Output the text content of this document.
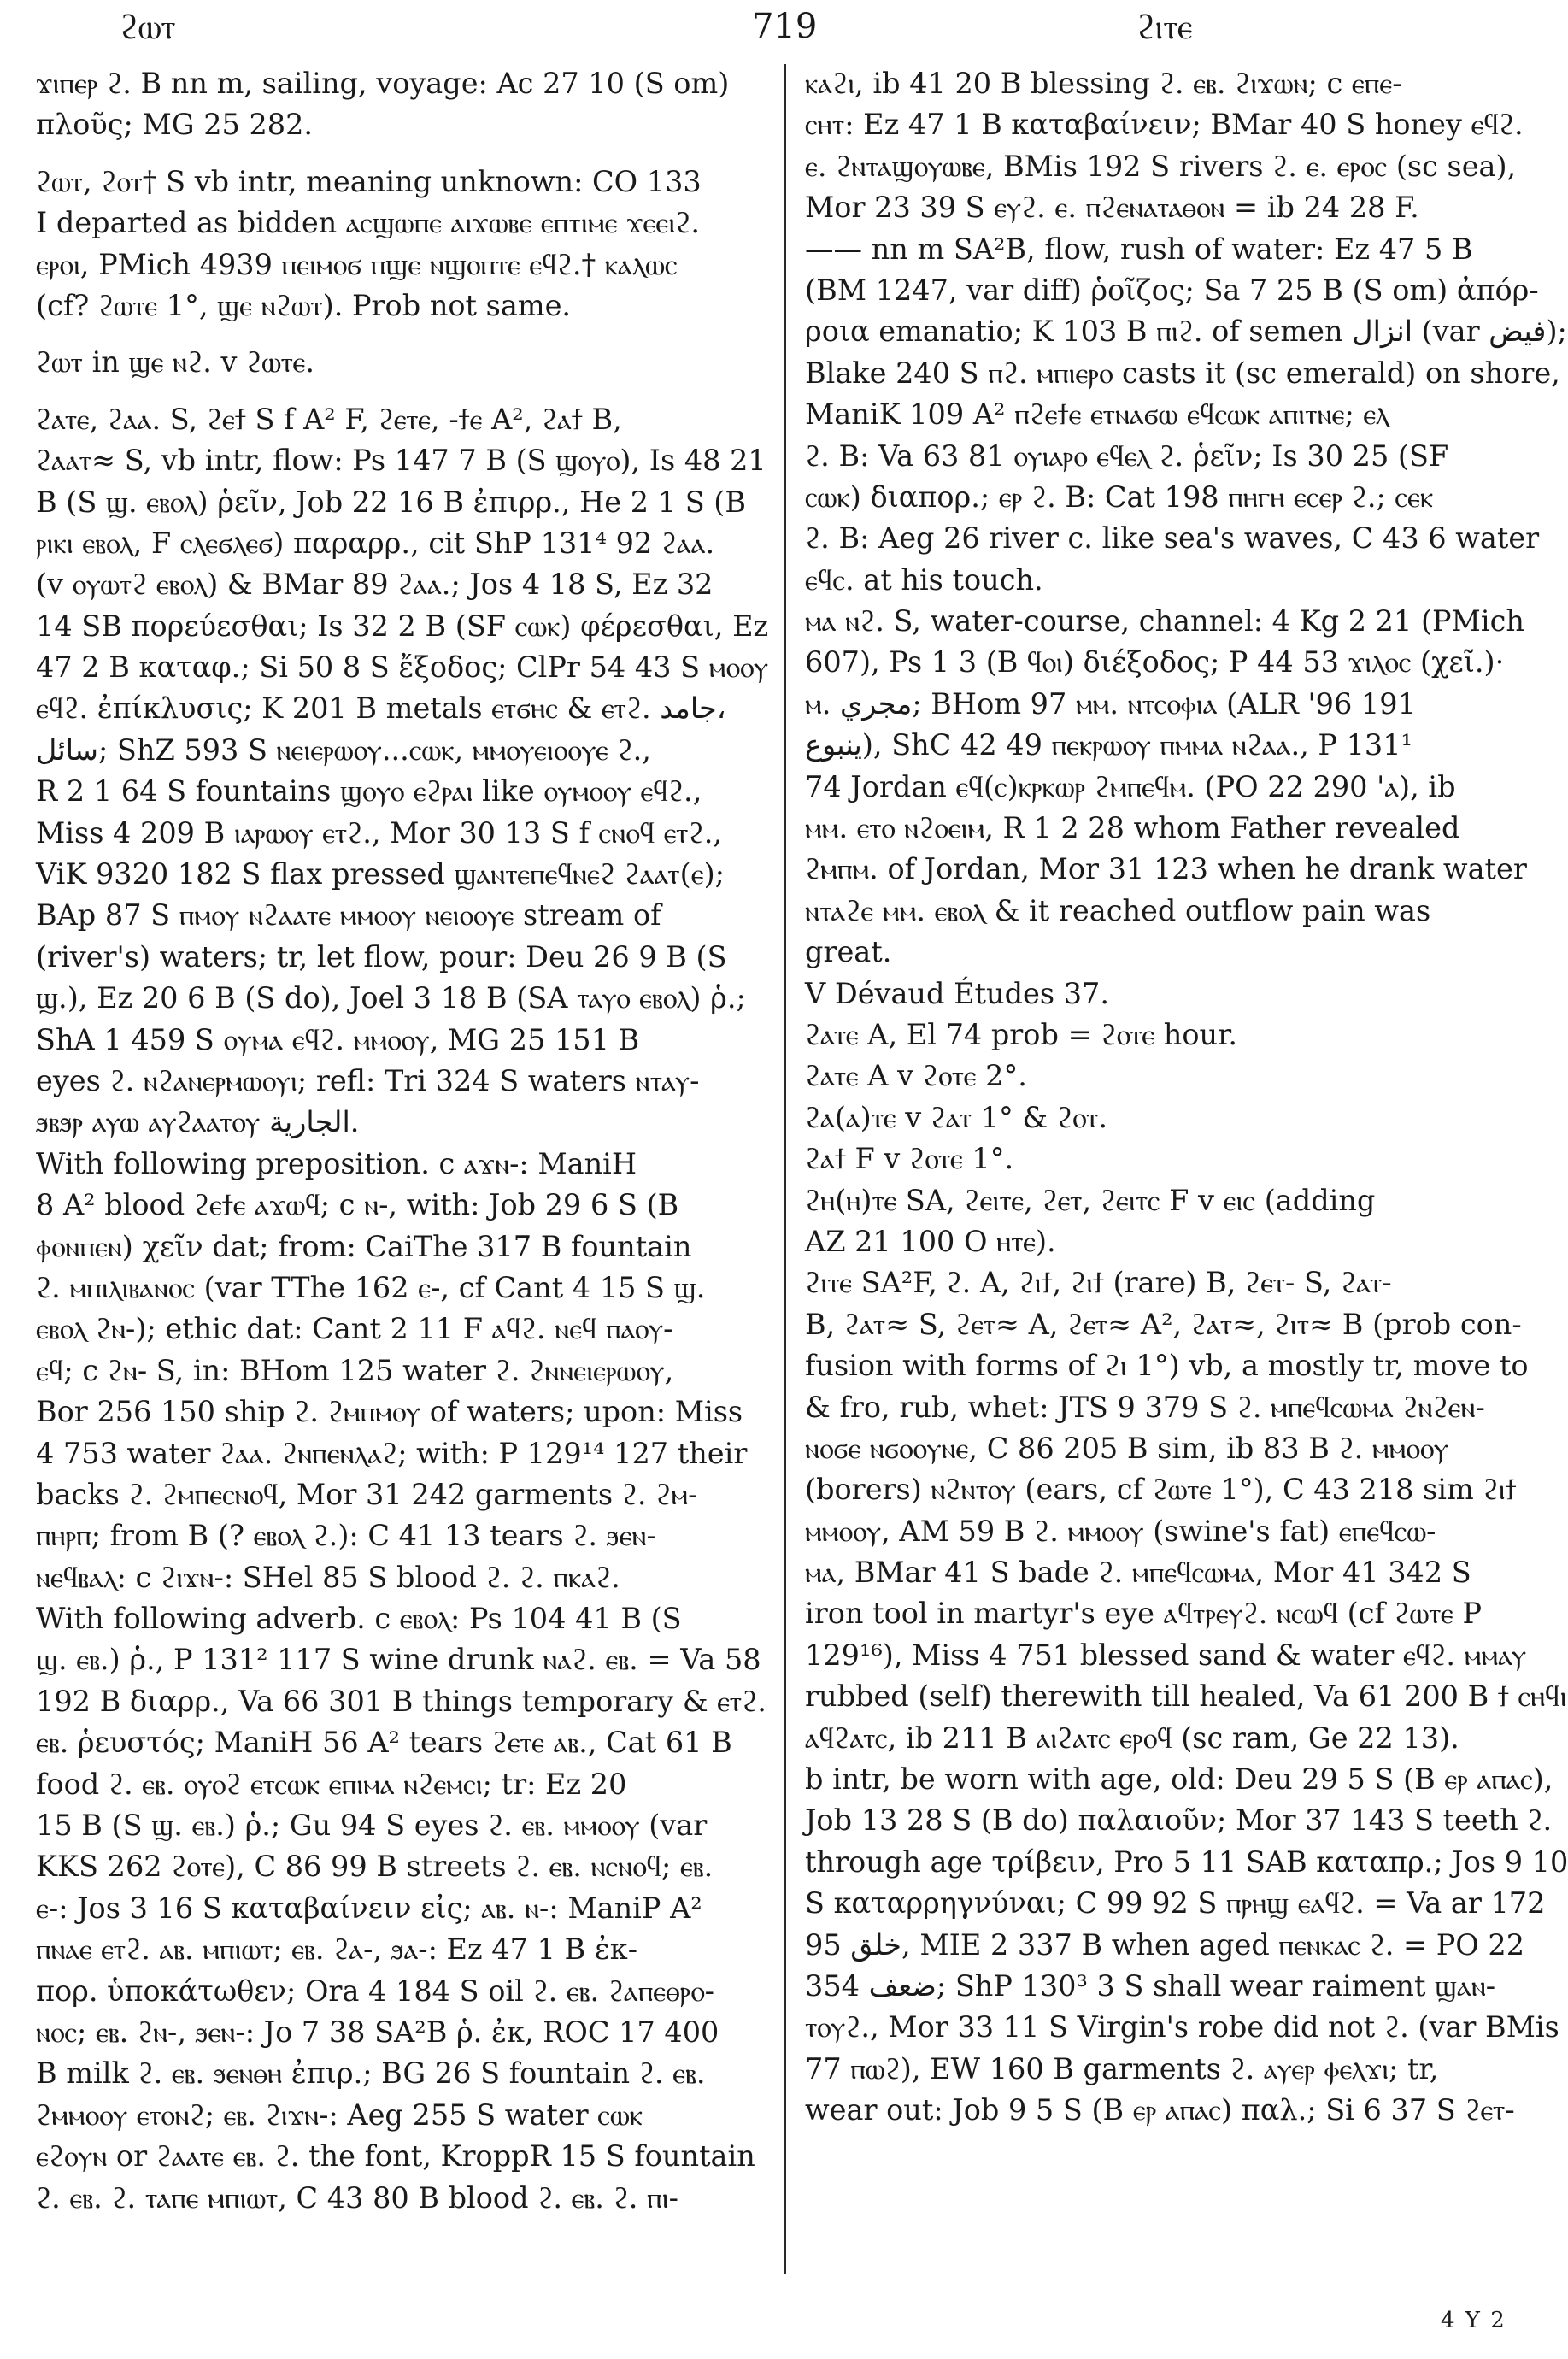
ϩⲱⲧ	719	ϩⲓⲧⲉ
ϫⲓⲡⲉⲣ ϩ. B nn m, sailing, voyage: Ac 27 10 (S om)
πλοῦς; MG 25 282.
ϩⲱⲧ, ϩⲟⲧ† S vb intr, meaning unknown: CO 133
I departed as bidden ⲁⲥϣⲱⲡⲉ ⲁⲓϫⲱⲃⲉ ⲉⲡⲧⲓⲙⲉ ϫⲉⲉⲓϩ.
ⲉⲣⲟⲓ, PMich 4939 ⲡⲉⲓⲙⲟϭ ⲡϣⲉ ⲛϣⲟⲡⲧⲉ ⲉϥϩ.† ⲕⲁⲗⲱⲥ
(cf? ϩⲱⲧⲉ 1°, ϣⲉ ⲛϩⲱⲧ). Prob not same.
ϩⲱⲧ in ϣⲉ ⲛϩ. v ϩⲱⲧⲉ.
ϩⲁⲧⲉ, ϩⲁⲁ. S, ϩⲉϯ S f A² F, ϩⲉⲧⲉ, -ϯⲉ A², ϩⲁϯ B,
ϩⲁⲁⲧ≈ S, vb intr, flow: Ps 147 7 B (S ϣⲟⲩⲟ), Is 48 21
B (S ϣ. ⲉⲃⲟⲗ) ῥεῖν, Job 22 16 B ἐπιρρ., He 2 1 S (B
ⲣⲓⲕⲓ ⲉⲃⲟⲗ, F ⲥⲗⲉϭⲗⲉϭ) παραρρ., cit ShP 131⁴ 92 ϩⲁⲁ.
(v ⲟⲩⲱⲧϩ ⲉⲃⲟⲗ) & BMar 89 ϩⲁⲁ.; Jos 4 18 S, Ez 32
14 SB πορεύεσθαι; Is 32 2 B (SF ⲥⲱⲕ) φέρεσθαι, Ez
47 2 B καταφ.; Si 50 8 S ἔξοδος; ClPr 54 43 S ⲙⲟⲟⲩ
ⲉϥϩ. ἐπίκλυσις; K 201 B metals ⲉⲧϭⲏⲥ & ⲉⲧϩ. جامد،
سائل; ShZ 593 S ⲛⲉⲓⲉⲣⲱⲟⲩ...ⲥⲱⲕ, ⲙⲙⲟⲩⲉⲓⲟⲟⲩⲉ ϩ.,
R 2 1 64 S fountains ϣⲟⲩⲟ ⲉϩⲣⲁⲓ like ⲟⲩⲙⲟⲟⲩ ⲉϥϩ.,
Miss 4 209 B ⲓⲁⲣⲱⲟⲩ ⲉⲧϩ., Mor 30 13 S f ⲥⲛⲟϥ ⲉⲧϩ.,
ViK 9320 182 S flax pressed ϣⲁⲛⲧⲉⲡⲉϥⲛⲉϩ ϩⲁⲁⲧ(ⲉ);
BAp 87 S ⲡⲙⲟⲩ ⲛϩⲁⲁⲧⲉ ⲙⲙⲟⲟⲩ ⲛⲉⲓⲟⲟⲩⲉ stream of
(river's) waters; tr, let flow, pour: Deu 26 9 B (S
ϣ.), Ez 20 6 B (S do), Joel 3 18 B (SA ⲧⲁⲩⲟ ⲉⲃⲟⲗ) ῥ.;
ShA 1 459 S ⲟⲩⲙⲁ ⲉϥϩ. ⲙⲙⲟⲟⲩ, MG 25 151 B
eyes ϩ. ⲛϩⲁⲛⲉⲣⲙⲱⲟⲩⲓ; refl: Tri 324 S waters ⲛⲧⲁⲩ-
ϧⲃϧⲣ ⲁⲩⲱ ⲁⲩϩⲁⲁⲧⲟⲩ الجارية.
With following preposition. c ⲁϫⲛ-: ManiH
8 A² blood ϩⲉϯⲉ ⲁϫⲱϥ; c ⲛ-, with: Job 29 6 S (B
ⲫⲟⲛⲡⲉⲛ) χεῖν dat; from: CaiThe 317 B fountain
ϩ. ⲙⲡⲓⲗⲓⲃⲁⲛⲟⲥ (var TThe 162 ⲉ-, cf Cant 4 15 S ϣ.
ⲉⲃⲟⲗ ϩⲛ-); ethic dat: Cant 2 11 F ⲁϥϩ. ⲛⲉϥ ⲡⲁⲟⲩ-
ⲉϥ; c ϩⲛ- S, in: BHom 125 water ϩ. ϩⲛⲛⲉⲓⲉⲣⲱⲟⲩ,
Bor 256 150 ship ϩ. ϩⲙⲡⲙⲟⲩ of waters; upon: Miss
4 753 water ϩⲁⲁ. ϩⲛⲡⲉⲛⲗⲁϩ; with: P 129¹⁴ 127 their
backs ϩ. ϩⲙⲡⲉⲥⲛⲟϥ, Mor 31 242 garments ϩ. ϩⲙ-
ⲡⲏⲣⲡ; from B (? ⲉⲃⲟⲗ ϩ.): C 41 13 tears ϩ. ϧⲉⲛ-
ⲛⲉϥⲃⲁⲗ: c ϩⲓϫⲛ-: SHel 85 S blood ϩ. ϩ. ⲡⲕⲁϩ.
With following adverb. c ⲉⲃⲟⲗ: Ps 104 41 B (S
ϣ. ⲉⲃ.) ῥ., P 131² 117 S wine drunk ⲛⲁϩ. ⲉⲃ. = Va 58
192 B διαρρ., Va 66 301 B things temporary & ⲉⲧϩ.
ⲉⲃ. ῥευστός; ManiH 56 A² tears ϩⲉⲧⲉ ⲁⲃ., Cat 61 B
food ϩ. ⲉⲃ. ⲟⲩⲟϩ ⲉⲧⲥⲱⲕ ⲉⲡⲓⲙⲁ ⲛϩⲉⲙⲥⲓ; tr: Ez 20
15 B (S ϣ. ⲉⲃ.) ῥ.; Gu 94 S eyes ϩ. ⲉⲃ. ⲙⲙⲟⲟⲩ (var
KKS 262 ϩⲟⲧⲉ), C 86 99 B streets ϩ. ⲉⲃ. ⲛⲥⲛⲟϥ; ⲉⲃ.
ⲉ-: Jos 3 16 S καταβαίνειν εἰς; ⲁⲃ. ⲛ-: ManiP A²
ⲡⲛⲁⲉ ⲉⲧϩ. ⲁⲃ. ⲙⲡⲓⲱⲧ; ⲉⲃ. ϩⲁ-, ϧⲁ-: Ez 47 1 B ἐκ-
πορ. ὑποκάτωθεν; Ora 4 184 S oil ϩ. ⲉⲃ. ϩⲁⲡⲉⲑⲣⲟ-
ⲛⲟⲥ; ⲉⲃ. ϩⲛ-, ϧⲉⲛ-: Jo 7 38 SA²B ῥ. ἐκ, ROC 17 400
B milk ϩ. ⲉⲃ. ϧⲉⲛⲑⲏ ἐπιρ.; BG 26 S fountain ϩ. ⲉⲃ.
ϩⲙⲙⲟⲟⲩ ⲉⲧⲟⲛϩ; ⲉⲃ. ϩⲓϫⲛ-: Aeg 255 S water ⲥⲱⲕ
ⲉϩⲟⲩⲛ or ϩⲁⲁⲧⲉ ⲉⲃ. ϩ. the font, KroppR 15 S fountain
ϩ. ⲉⲃ. ϩ. ⲧⲁⲡⲉ ⲙⲡⲓⲱⲧ, C 43 80 B blood ϩ. ⲉⲃ. ϩ. ⲡⲓ-
ⲕⲁϩⲓ, ib 41 20 B blessing ϩ. ⲉⲃ. ϩⲓϫⲱⲛ; c ⲉⲡⲉ-
ⲥⲏⲧ: Ez 47 1 B καταβαίνειν; BMar 40 S honey ⲉϥϩ.
ⲉ. ϩⲛⲧⲁϣⲟⲩⲱⲃⲉ, BMis 192 S rivers ϩ. ⲉ. ⲉⲣⲟⲥ (sc sea),
Mor 23 39 S ⲉⲩϩ. ⲉ. ⲡϩⲉⲛⲁⲧⲁⲑⲟⲛ = ib 24 28 F.
—— nn m SA²B, flow, rush of water: Ez 47 5 B
(BM 1247, var diff) ῥοῖζος; Sa 7 25 B (S om) ἀπόρ-
ροια emanatio; K 103 B ⲡⲓϩ. of semen انزال (var فيض);
Blake 240 S ⲡϩ. ⲙⲡⲓⲉⲣⲟ casts it (sc emerald) on shore,
ManiK 109 A² ⲡϩⲉϯⲉ ⲉⲧⲛⲁϭⲱ ⲉϥⲥⲱⲕ ⲁⲡⲓⲧⲛⲉ; ⲉⲗ
ϩ. B: Va 63 81 ⲟⲩⲓⲁⲣⲟ ⲉϥⲉⲗ ϩ. ῥεῖν; Is 30 25 (SF
ⲥⲱⲕ) διαπορ.; ⲉⲣ ϩ. B: Cat 198 ⲡⲏⲅⲏ ⲉⲥⲉⲣ ϩ.; ⲥⲉⲕ
ϩ. B: Aeg 26 river c. like sea's waves, C 43 6 water
ⲉϥⲥ. at his touch.
ⲙⲁ ⲛϩ. S, water-course, channel: 4 Kg 2 21 (PMich
607), Ps 1 3 (B ϥⲟⲓ) διέξοδος; P 44 53 ϫⲓⲗⲟⲥ (χεῖ.)·
ⲙ. مجري; BHom 97 ⲙⲙ. ⲛⲧⲥⲟⲫⲓⲁ (ALR '96 191
ينبوع), ShC 42 49 ⲡⲉⲕⲣⲱⲟⲩ ⲡⲙⲙⲁ ⲛϩⲁⲁ., P 131¹
74 Jordan ⲉϥ(ⲥ)ⲕⲣⲕⲱⲣ ϩⲙⲡⲉϥⲙ. (PO 22 290 'ⲁ), ib
ⲙⲙ. ⲉⲧⲟ ⲛϩⲟⲉⲓⲙ, R 1 2 28 whom Father revealed
ϩⲙⲡⲙ. of Jordan, Mor 31 123 when he drank water
ⲛⲧⲁϩⲉ ⲙⲙ. ⲉⲃⲟⲗ & it reached outflow pain was
great.
V Dévaud Études 37.
ϩⲁⲧⲉ A, El 74 prob = ϩⲟⲧⲉ hour.
ϩⲁⲧⲉ A v ϩⲟⲧⲉ 2°.
ϩⲁ(ⲁ)ⲧⲉ v ϩⲁⲧ 1° & ϩⲟⲧ.
ϩⲁϯ F v ϩⲟⲧⲉ 1°.
ϩⲏ(ⲏ)ⲧⲉ SA, ϩⲉⲓⲧⲉ, ϩⲉⲧ, ϩⲉⲓⲧⲥ F v ⲉⲓⲥ (adding
AZ 21 100 O ⲏⲧⲉ).
ϩⲓⲧⲉ SA²F, ϩ. A, ϩⲓϯ, ϩⲓϯ (rare) B, ϩⲉⲧ- S, ϩⲁⲧ-
B, ϩⲁⲧ≈ S, ϩⲉⲧ≈ A, ϩⲉⲧ≈ A², ϩⲁⲧ≈, ϩⲓⲧ≈ B (prob con-
fusion with forms of ϩⲓ 1°) vb, a mostly tr, move to
& fro, rub, whet: JTS 9 379 S ϩ. ⲙⲡⲉϥⲥⲱⲙⲁ ϩⲛϩⲉⲛ-
ⲛⲟϭⲉ ⲛϭⲟⲟⲩⲛⲉ, C 86 205 B sim, ib 83 B ϩ. ⲙⲙⲟⲟⲩ
(borers) ⲛϩⲛⲧⲟⲩ (ears, cf ϩⲱⲧⲉ 1°), C 43 218 sim ϩⲓϯ
ⲙⲙⲟⲟⲩ, AM 59 B ϩ. ⲙⲙⲟⲟⲩ (swine's fat) ⲉⲡⲉϥⲥⲱ-
ⲙⲁ, BMar 41 S bade ϩ. ⲙⲡⲉϥⲥⲱⲙⲁ, Mor 41 342 S
iron tool in martyr's eye ⲁϥⲧⲣⲉⲩϩ. ⲛⲥⲱϥ (cf ϩⲱⲧⲉ P
129¹⁶), Miss 4 751 blessed sand & water ⲉϥϩ. ⲙⲙⲁⲩ
rubbed (self) therewith till healed, Va 61 200 B ϯ ⲥⲏϥⲓ
ⲁϥϩⲁⲧⲥ, ib 211 B ⲁⲓϩⲁⲧⲥ ⲉⲣⲟϥ (sc ram, Ge 22 13).
b intr, be worn with age, old: Deu 29 5 S (B ⲉⲣ ⲁⲡⲁⲥ),
Job 13 28 S (B do) παλαιοῦν; Mor 37 143 S teeth ϩ.
through age τρίβειν, Pro 5 11 SAB καταπρ.; Jos 9 10
S καταρρηγνύναι; C 99 92 S ⲡⲣⲏϣ ⲉⲁϥϩ. = Va ar 172
95 خلق, MIE 2 337 B when aged ⲡⲉⲛⲕⲁⲥ ϩ. = PO 22
354 ضعف; ShP 130³ 3 S shall wear raiment ϣⲁⲛ-
ⲧⲟⲩϩ., Mor 33 11 S Virgin's robe did not ϩ. (var BMis
77 ⲡⲱϩ), EW 160 B garments ϩ. ⲁⲩⲉⲣ ⲫⲉⲗϫⲓ; tr,
wear out: Job 9 5 S (B ⲉⲣ ⲁⲡⲁⲥ) παλ.; Si 6 37 S ϩⲉⲧ-
4 Y 2
